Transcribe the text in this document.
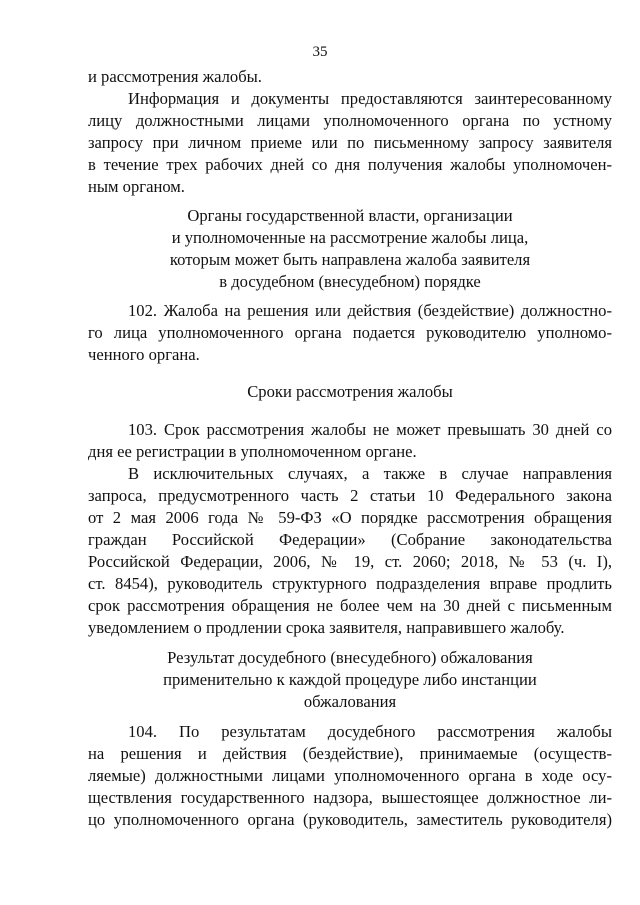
35
и рассмотрения жалобы.
Информация и документы предоставляются заинтересованному
лицу должностными лицами уполномоченного органа по устному
запросу при личном приеме или по письменному запросу заявителя
в течение трех рабочих дней со дня получения жалобы уполномочен-
ным органом.
Органы государственной власти, организации
и уполномоченные на рассмотрение жалобы лица,
которым может быть направлена жалоба заявителя
в досудебном (внесудебном) порядке
102. Жалоба на решения или действия (бездействие) должностно-
го лица уполномоченного органа подается руководителю уполномо-
ченного органа.
Сроки рассмотрения жалобы
103. Срок рассмотрения жалобы не может превышать 30 дней со
дня ее регистрации в уполномоченном органе.
В исключительных случаях, а также в случае направления
запроса, предусмотренного часть 2 статьи 10 Федерального закона
от 2 мая 2006 года № 59-ФЗ «О порядке рассмотрения обращения
граждан Российской Федерации» (Собрание законодательства
Российской Федерации, 2006, № 19, ст. 2060; 2018, № 53 (ч. I),
ст. 8454), руководитель структурного подразделения вправе продлить
срок рассмотрения обращения не более чем на 30 дней с письменным
уведомлением о продлении срока заявителя, направившего жалобу.
Результат досудебного (внесудебного) обжалования
применительно к каждой процедуре либо инстанции
обжалования
104. По результатам досудебного рассмотрения жалобы
на решения и действия (бездействие), принимаемые (осуществ-
ляемые) должностными лицами уполномоченного органа в ходе осу-
ществления государственного надзора, вышестоящее должностное ли-
цо уполномоченного органа (руководитель, заместитель руководителя)
